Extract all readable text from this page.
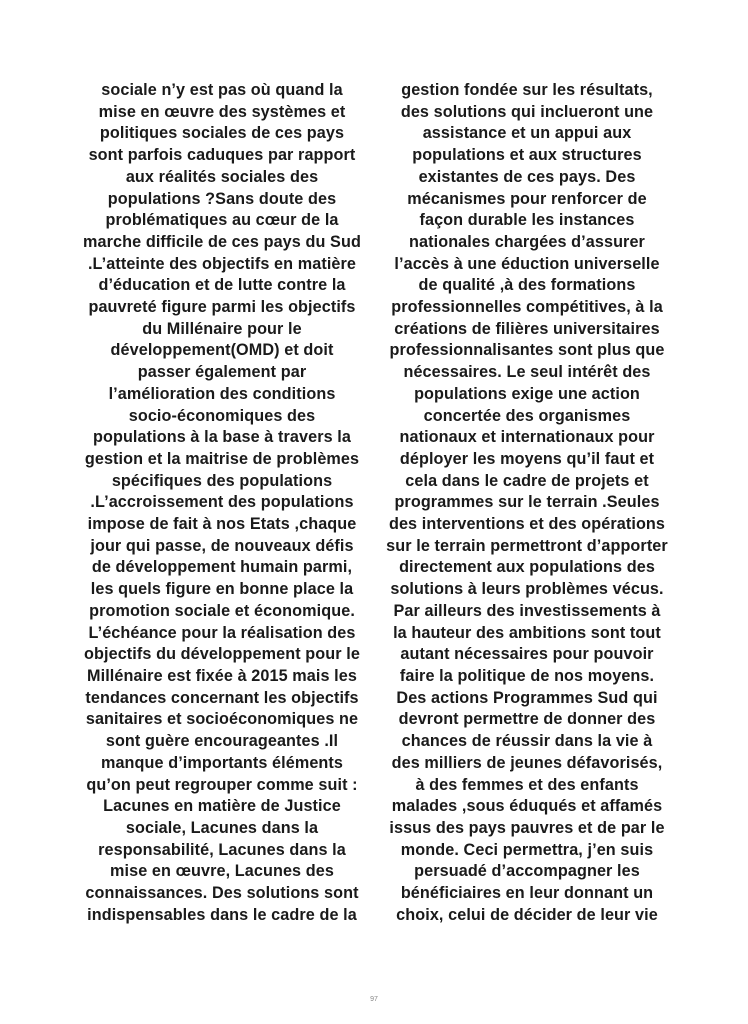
sociale n’y est pas où quand la
mise en œuvre des systèmes et
politiques sociales de ces pays
sont parfois caduques par rapport
aux réalités sociales des
populations ?Sans doute des
problématiques au cœur de la
marche difficile de ces pays du Sud
.L’atteinte des objectifs en matière
d’éducation et de lutte contre la
pauvreté figure parmi les objectifs
du Millénaire pour le
développement(OMD) et doit
passer également par
l’amélioration des conditions
socio-économiques des
populations à la base à travers la
gestion et la maitrise de problèmes
spécifiques des populations
.L’accroissement des populations
impose de fait à nos Etats ,chaque
jour qui passe, de nouveaux défis
de développement humain parmi,
les quels figure en bonne place la
promotion sociale et économique.
L’échéance pour la réalisation des
objectifs du développement pour le
Millénaire est fixée à 2015 mais les
tendances concernant les objectifs
sanitaires et socioéconomiques ne
sont guère encourageantes .Il
manque d’importants éléments
qu’on peut regrouper comme suit :
Lacunes en matière de Justice
sociale, Lacunes dans la
responsabilité, Lacunes dans la
mise en œuvre, Lacunes des
connaissances. Des solutions sont
indispensables dans le cadre de la
gestion fondée sur les résultats,
des solutions qui inclueront une
assistance et un appui aux
populations et aux structures
existantes de ces pays. Des
mécanismes pour renforcer de
façon durable les instances
nationales chargées d’assurer
l’accès à une éduction universelle
de qualité ,à des formations
professionnelles compétitives, à la
créations de filières universitaires
professionnalisantes sont plus que
nécessaires. Le seul intérêt des
populations exige une action
concertée des organismes
nationaux et internationaux pour
déployer les moyens qu’il faut et
cela dans le cadre de projets et
programmes sur le terrain .Seules
des interventions et des opérations
sur le terrain permettront d’apporter
directement aux populations des
solutions à leurs problèmes vécus.
Par ailleurs des investissements à
la hauteur des ambitions sont tout
autant nécessaires pour pouvoir
faire la politique de nos moyens.
Des actions Programmes Sud qui
devront permettre de donner des
chances de réussir dans la vie à
des milliers de jeunes défavorisés,
à des femmes et des enfants
malades ,sous éduqués et affamés
issus des pays pauvres et de par le
monde. Ceci permettra, j’en suis
persuadé d’accompagner les
bénéficiaires en leur donnant un
choix, celui de décider de leur vie
97
